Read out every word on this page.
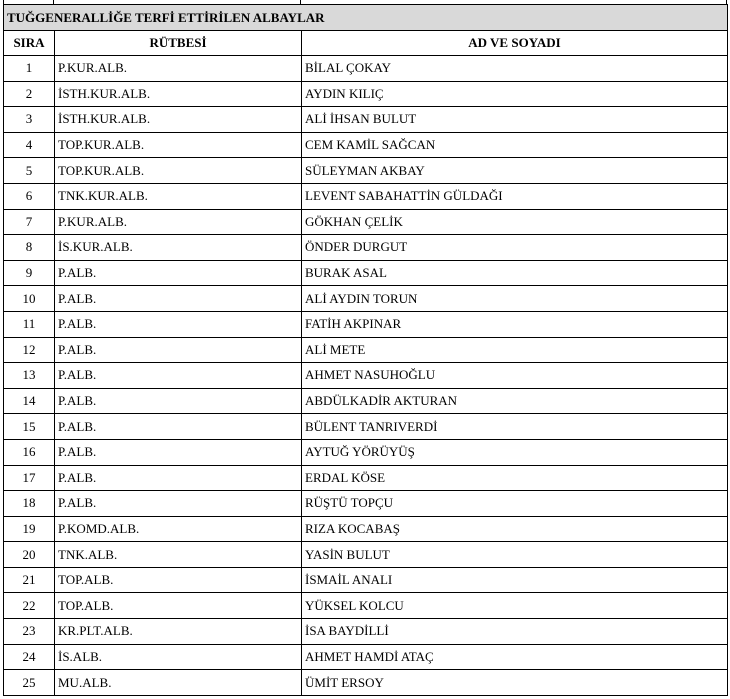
TUĞGENERALLİĞE TERFİ ETTİRİLEN ALBAYLAR		
SIRA	RÜTBESİ	AD VE SOYADI
1	P.KUR.ALB.	BİLAL ÇOKAY
2	İSTH.KUR.ALB.	AYDIN KILIÇ
3	İSTH.KUR.ALB.	ALİ İHSAN BULUT
4	TOP.KUR.ALB.	CEM KAMİL SAĞCAN
5	TOP.KUR.ALB.	SÜLEYMAN AKBAY
6	TNK.KUR.ALB.	LEVENT SABAHATTİN GÜLDAĞI
7	P.KUR.ALB.	GÖKHAN ÇELİK
8	İS.KUR.ALB.	ÖNDER DURGUT
9	P.ALB.	BURAK ASAL
10	P.ALB.	ALİ AYDIN TORUN
11	P.ALB.	FATİH AKPINAR
12	P.ALB.	ALİ METE
13	P.ALB.	AHMET NASUHOĞLU
14	P.ALB.	ABDÜLKADİR AKTURAN
15	P.ALB.	BÜLENT TANRIVERDİ
16	P.ALB.	AYTUĞ YÖRÜYÜŞ
17	P.ALB.	ERDAL KÖSE
18	P.ALB.	RÜŞTÜ TOPÇU
19	P.KOMD.ALB.	RIZA KOCABAŞ
20	TNK.ALB.	YASİN BULUT
21	TOP.ALB.	İSMAİL ANALI
22	TOP.ALB.	YÜKSEL KOLCU
23	KR.PLT.ALB.	İSA BAYDİLLİ
24	İS.ALB.	AHMET HAMDİ ATAÇ
25	MU.ALB.	ÜMİT ERSOY
